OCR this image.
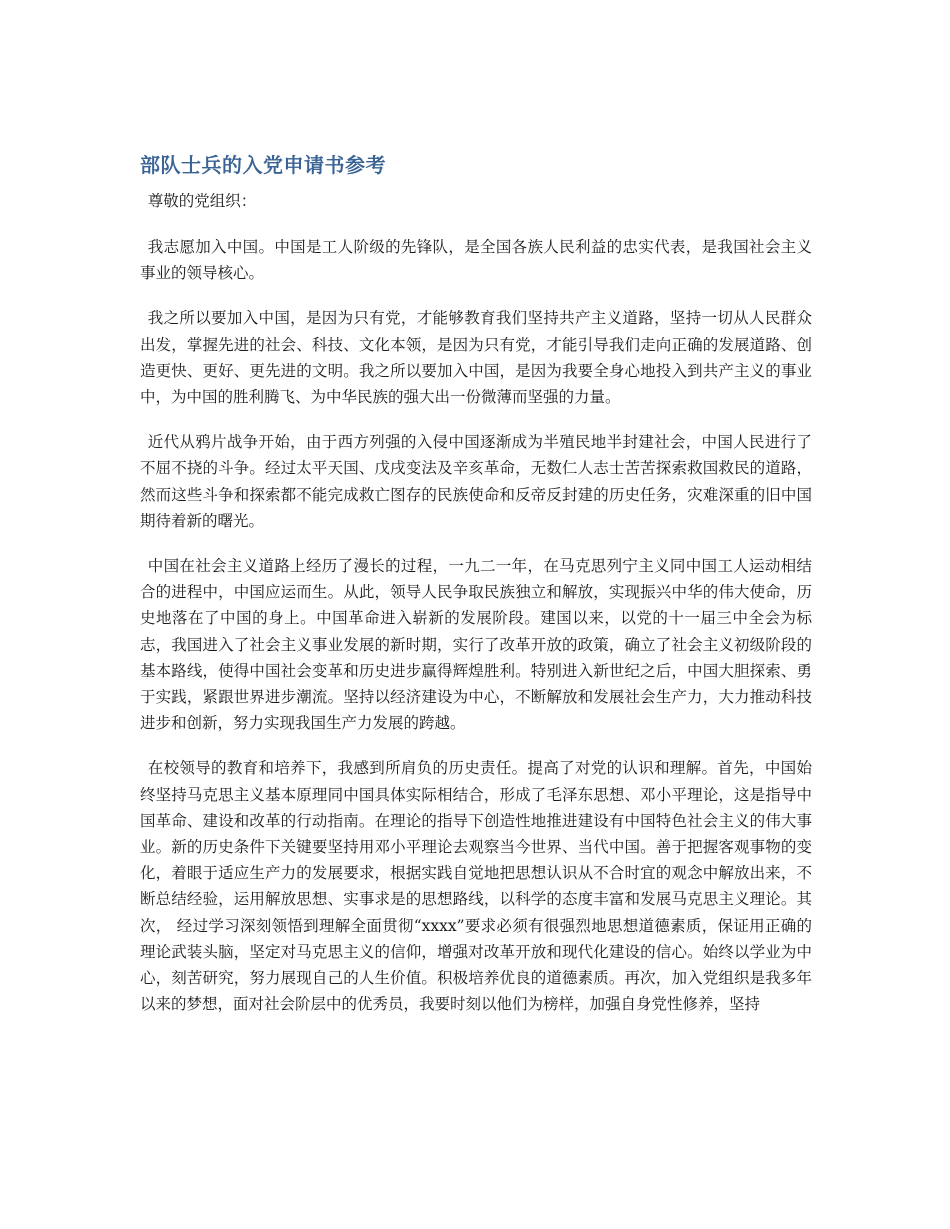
部队士兵的入党申请书参考

尊敬的党组织：

我志愿加入中国。中国是工人阶级的先锋队，是全国各族人民利益的忠实代表，是我国社会主义事业的领导核心。

我之所以要加入中国，是因为只有党，才能够教育我们坚持共产主义道路，坚持一切从人民群众出发，掌握先进的社会、科技、文化本领，是因为只有党，才能引导我们走向正确的发展道路、创造更快、更好、更先进的文明。我之所以要加入中国，是因为我要全身心地投入到共产主义的事业中，为中国的胜利腾飞、为中华民族的强大出一份微薄而坚强的力量。

近代从鸦片战争开始，由于西方列强的入侵中国逐渐成为半殖民地半封建社会，中国人民进行了不屈不挠的斗争。经过太平天国、戊戌变法及辛亥革命，无数仁人志士苦苦探索救国救民的道路，然而这些斗争和探索都不能完成救亡图存的民族使命和反帝反封建的历史任务，灾难深重的旧中国期待着新的曙光。

中国在社会主义道路上经历了漫长的过程，一九二一年，在马克思列宁主义同中国工人运动相结合的进程中，中国应运而生。从此，领导人民争取民族独立和解放，实现振兴中华的伟大使命，历史地落在了中国的身上。中国革命进入崭新的发展阶段。建国以来，以党的十一届三中全会为标志，我国进入了社会主义事业发展的新时期，实行了改革开放的政策，确立了社会主义初级阶段的基本路线，使得中国社会变革和历史进步赢得辉煌胜利。特别进入新世纪之后，中国大胆探索、勇于实践，紧跟世界进步潮流。坚持以经济建设为中心，不断解放和发展社会生产力，大力推动科技进步和创新，努力实现我国生产力发展的跨越。

在校领导的教育和培养下，我感到所肩负的历史责任。提高了对党的认识和理解。首先，中国始终坚持马克思主义基本原理同中国具体实际相结合，形成了毛泽东思想、邓小平理论，这是指导中国革命、建设和改革的行动指南。在理论的指导下创造性地推进建设有中国特色社会主义的伟大事业。新的历史条件下关键要坚持用邓小平理论去观察当今世界、当代中国。善于把握客观事物的变化，着眼于适应生产力的发展要求，根据实践自觉地把思想认识从不合时宜的观念中解放出来，不断总结经验，运用解放思想、实事求是的思想路线，以科学的态度丰富和发展马克思主义理论。其次， 经过学习深刻领悟到理解全面贯彻“xxxx”要求必须有很强烈地思想道德素质，保证用正确的理论武装头脑，坚定对马克思主义的信仰，增强对改革开放和现代化建设的信心。始终以学业为中心，刻苦研究，努力展现自己的人生价值。积极培养优良的道德素质。再次，加入党组织是我多年以来的梦想，面对社会阶层中的优秀员，我要时刻以他们为榜样，加强自身党性修养，坚持
